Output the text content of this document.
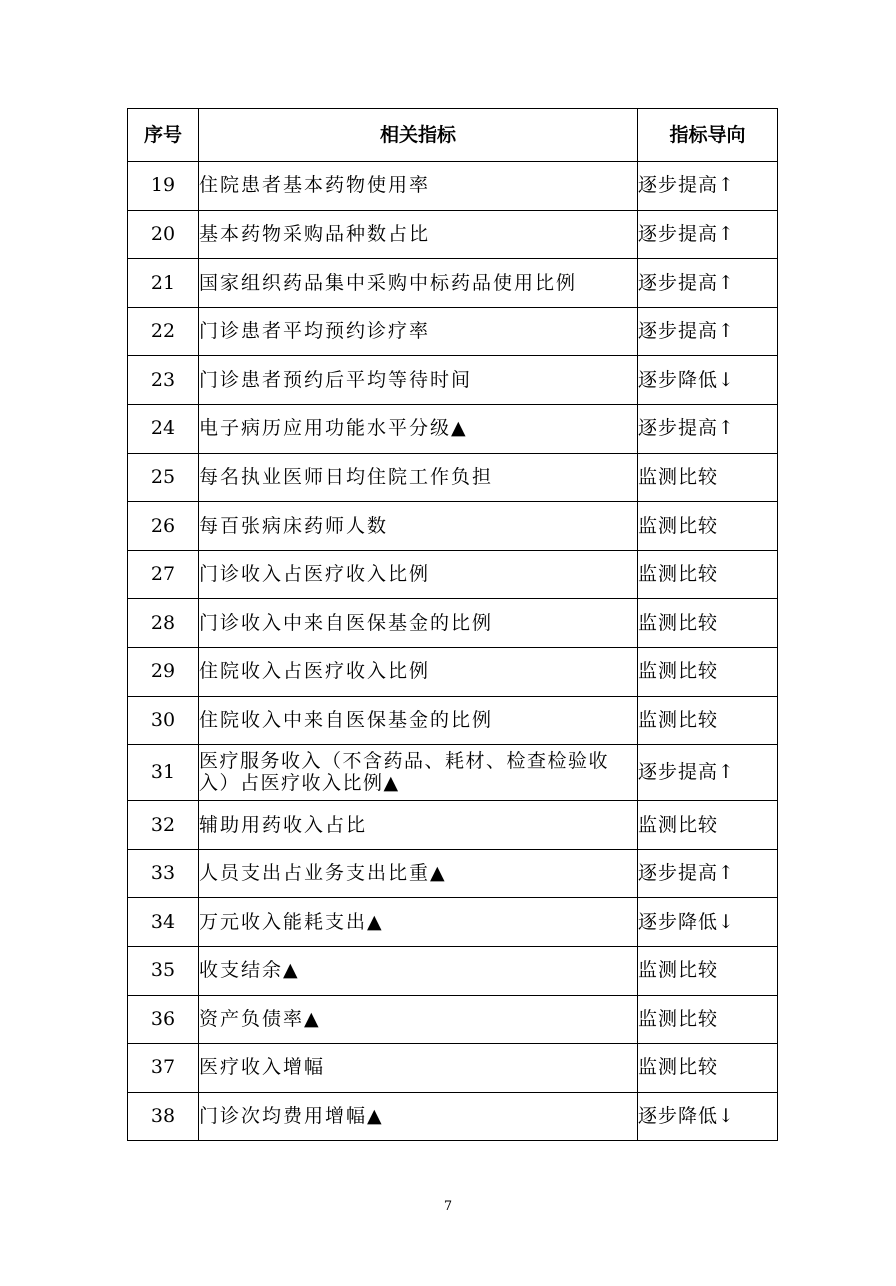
序号	相关指标	指标导向
19	住院患者基本药物使用率	逐步提高↑
20	基本药物采购品种数占比	逐步提高↑
21	国家组织药品集中采购中标药品使用比例	逐步提高↑
22	门诊患者平均预约诊疗率	逐步提高↑
23	门诊患者预约后平均等待时间	逐步降低↓
24	电子病历应用功能水平分级▲	逐步提高↑
25	每名执业医师日均住院工作负担	监测比较
26	每百张病床药师人数	监测比较
27	门诊收入占医疗收入比例	监测比较
28	门诊收入中来自医保基金的比例	监测比较
29	住院收入占医疗收入比例	监测比较
30	住院收入中来自医保基金的比例	监测比较
31	医疗服务收入（不含药品、耗材、检查检验收入）占医疗收入比例▲	逐步提高↑
32	辅助用药收入占比	监测比较
33	人员支出占业务支出比重▲	逐步提高↑
34	万元收入能耗支出▲	逐步降低↓
35	收支结余▲	监测比较
36	资产负债率▲	监测比较
37	医疗收入增幅	监测比较
38	门诊次均费用增幅▲	逐步降低↓
7
